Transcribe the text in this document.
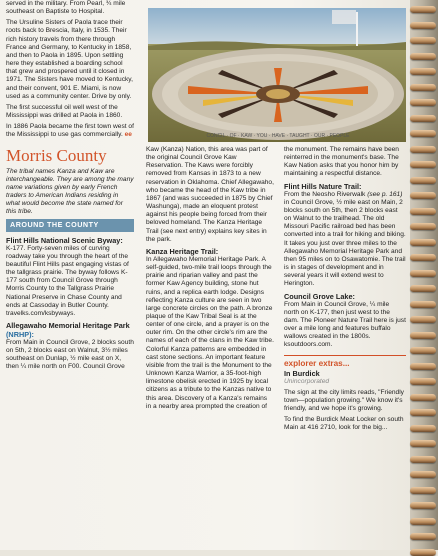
served in the military. From Pearl, ¾ mile southeast on Baptiste to Hospital.

The Ursuline Sisters of Paola trace their roots back to Brescia, Italy, in 1535. Their rich history travels from there through France and Germany, to Kentucky in 1858, and then to Paola in 1895. Upon settling here they established a boarding school that grew and prospered until it closed in 1971. The Sisters have moved to Kentucky, and their convent, 901 E. Miami, is now used as a community center. Drive by only.

The first successful oil well west of the Mississippi was drilled at Paola in 1860.

In 1886 Paola became the first town west of the Mississippi to use gas commercially. ee

Morris County

The tribal names Kanza and Kaw are interchangeable. They are among the many name variations given by early French traders to American Indians residing in what would become the state named for this tribe.

AROUND THE COUNTY
Flint Hills National Scenic Byway:

K-177. Forty-seven miles of curving roadway take you through the heart of the beautiful Flint Hills past engaging vistas of the tallgrass prairie. The byway follows K-177 south from Council Grove through Morris County to the Tallgrass Prairie National Preserve in Chase County and ends at Cassoday in Butler County. travelks.com/ksbyways.

Allegawaho Memorial Heritage Park (NRHP):

From Main in Council Grove, 2 blocks south on 5th, 2 blocks east on Walnut, 3½ miles southeast on Dunlap, ½ mile east on X, then ¼ mile north on F00. Council Grove

CONCIL · OF · KAW · YOU · HAVE · TAUGHT · OUR · PEOPLE

Kaw (Kanza) Nation, this area was part of the original Council Grove Kaw Reservation. The Kaws were forcibly removed from Kansas in 1873 to a new reservation in Oklahoma. Chief Allegawaho, who became the head of the Kaw tribe in 1867 (and was succeeded in 1875 by Chief Washunga), made an eloquent protest against his people being forced from their beloved homeland. The Kanza Heritage Trail (see next entry) explains key sites in the park.

Kanza Heritage Trail:

In Allegawaho Memorial Heritage Park. A self-guided, two-mile trail loops through the prairie and riparian valley and past the former Kaw Agency building, stone hut ruins, and a replica earth lodge. Designs reflecting Kanza culture are seen in two large concrete circles on the path. A bronze plaque of the Kaw Tribal Seal is at the center of one circle, and a prayer is on the outer rim. On the other circle's rim are the names of each of the clans in the Kaw tribe. Colorful Kanza patterns are embedded in cast stone sections. An important feature visible from the trail is the Monument to the Unknown Kanza Warrior, a 35-foot-high limestone obelisk erected in 1925 by local citizens as a tribute to the Kanzas native to this area. Discovery of a Kanza's remains in a nearby area prompted the creation of

the monument. The remains have been reinterred in the monument's base. The Kaw Nation asks that you honor him by maintaining a respectful distance.

Flint Hills Nature Trail:

From the Neosho Riverwalk (see p. 161) in Council Grove, ½ mile east on Main, 2 blocks south on 5th, then 2 blocks east on Walnut to the trailhead. The old Missouri Pacific railroad bed has been converted into a trail for hiking and biking. It takes you just over three miles to the Allegawaho Memorial Heritage Park and then 95 miles on to Osawatomie. The trail is in stages of development and in several years it will extend west to Herington.

Council Grove Lake:

From Main in Council Grove, ¼ mile north on K-177, then just west to the dam. The Pioneer Nature Trail here is just over a mile long and features buffalo wallows created in the 1800s. ksoutdoors.com.

explorer extras...
In Burdick
Unincorporated

The sign at the city limits reads, "Friendly town—population growing." We know it's friendly, and we hope it's growing.

To find the Burdick Meat Locker on south Main at 416 2710, look for the big...
